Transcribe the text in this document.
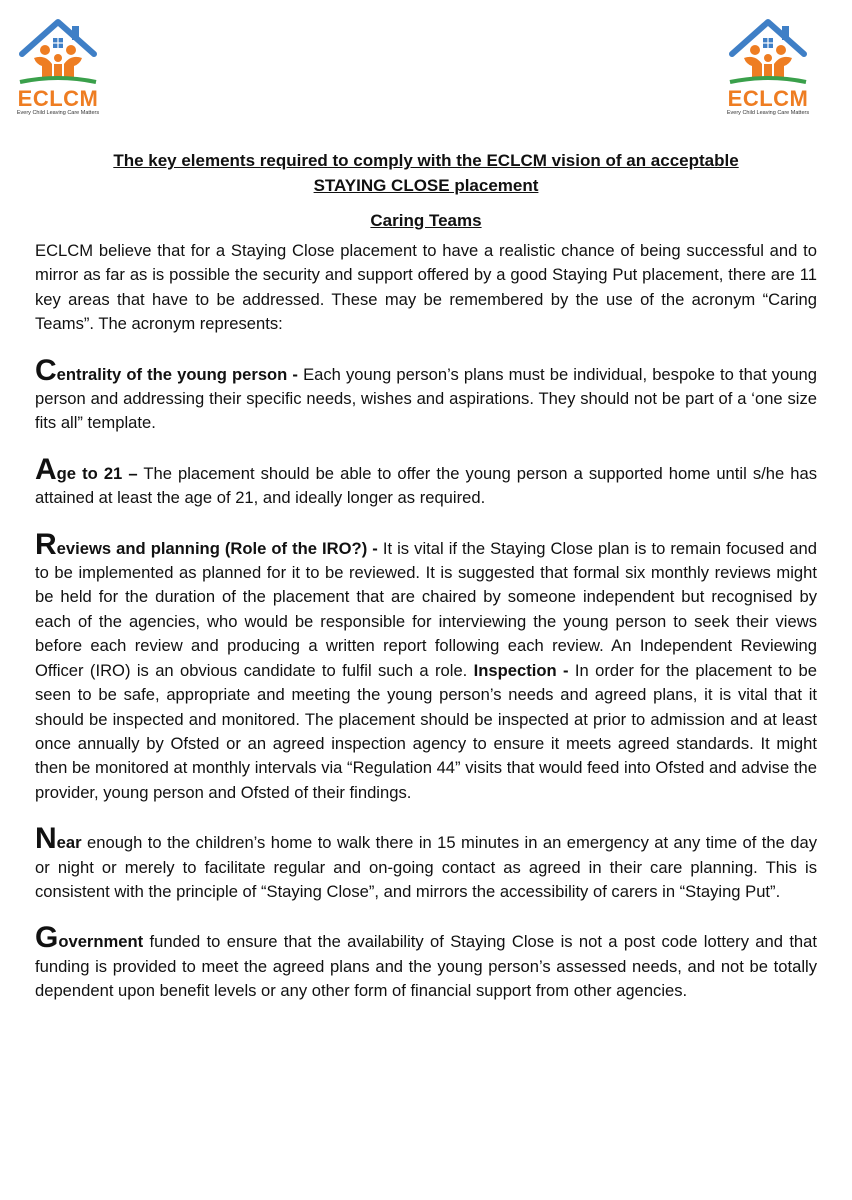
ECLCM
Every Child Leaving Care Matters
ECLCM
Every Child Leaving Care Matters
The key elements required to comply with the ECLCM vision of an acceptable
STAYING CLOSE placement
Caring Teams

ECLCM believe that for a Staying Close placement to have a realistic chance of being successful and to mirror as far as is possible the security and support offered by a good Staying Put placement, there are 11 key areas that have to be addressed. These may be remembered by the use of the acronym “Caring Teams”. The acronym represents:

Centrality of the young person - Each young person’s plans must be individual, bespoke to that young person and addressing their specific needs, wishes and aspirations. They should not be part of a ‘one size fits all” template.

Age to 21 – The placement should be able to offer the young person a supported home until s/he has attained at least the age of 21, and ideally longer as required.

Reviews and planning (Role of the IRO?) - It is vital if the Staying Close plan is to remain focused and to be implemented as planned for it to be reviewed. It is suggested that formal six monthly reviews might be held for the duration of the placement that are chaired by someone independent but recognised by each of the agencies, who would be responsible for interviewing the young person to seek their views before each review and producing a written report following each review. An Independent Reviewing Officer (IRO) is an obvious candidate to fulfil such a role. Inspection - In order for the placement to be seen to be safe, appropriate and meeting the young person’s needs and agreed plans, it is vital that it should be inspected and monitored. The placement should be inspected at prior to admission and at least once annually by Ofsted or an agreed inspection agency to ensure it meets agreed standards. It might then be monitored at monthly intervals via “Regulation 44” visits that would feed into Ofsted and advise the provider, young person and Ofsted of their findings.

Near enough to the children’s home to walk there in 15 minutes in an emergency at any time of the day or night or merely to facilitate regular and on-going contact as agreed in their care planning. This is consistent with the principle of “Staying Close”, and mirrors the accessibility of carers in “Staying Put”.

Government funded to ensure that the availability of Staying Close is not a post code lottery and that funding is provided to meet the agreed plans and the young person’s assessed needs, and not be totally dependent upon benefit levels or any other form of financial support from other agencies.
